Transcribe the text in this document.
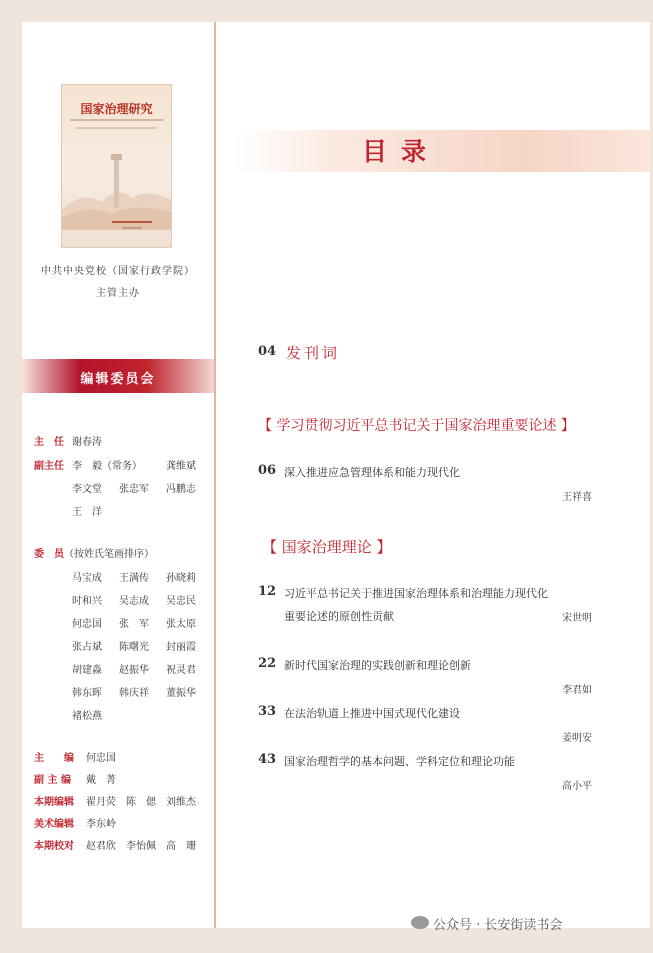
国家治理研究
中共中央党校（国家行政学院）
主管主办
编辑委员会
主　任 谢春涛
副主任 李　毅（常务） 龚维斌
李文堂 张忠军 冯鹏志
王　洋
委　员（按姓氏笔画排序）
马宝成 王满传 孙晓莉
时和兴 吴志成 吴忠民
何忠国 张　军 张太原
张占斌 陈曙光 封丽霞
胡建淼 赵振华 祝灵君
韩东晖 韩庆祥 董振华
褚松燕
主　　编 何忠国
副 主 编 戴　菁
本期编辑 翟月荧　陈　偲　刘维杰
美术编辑 李东岭
本期校对 赵君欣　李怡佩　高　珊
目录
04 发刊词
【 学习贯彻习近平总书记关于国家治理重要论述 】
06 深入推进应急管理体系和能力现代化
王祥喜
【 国家治理理论 】
12 习近平总书记关于推进国家治理体系和治理能力现代化
重要论述的原创性贡献	宋世明
22 新时代国家治理的实践创新和理论创新
李君如
33 在法治轨道上推进中国式现代化建设
姜明安
43 国家治理哲学的基本问题、学科定位和理论功能
高小平
公众号 · 长安街读书会
